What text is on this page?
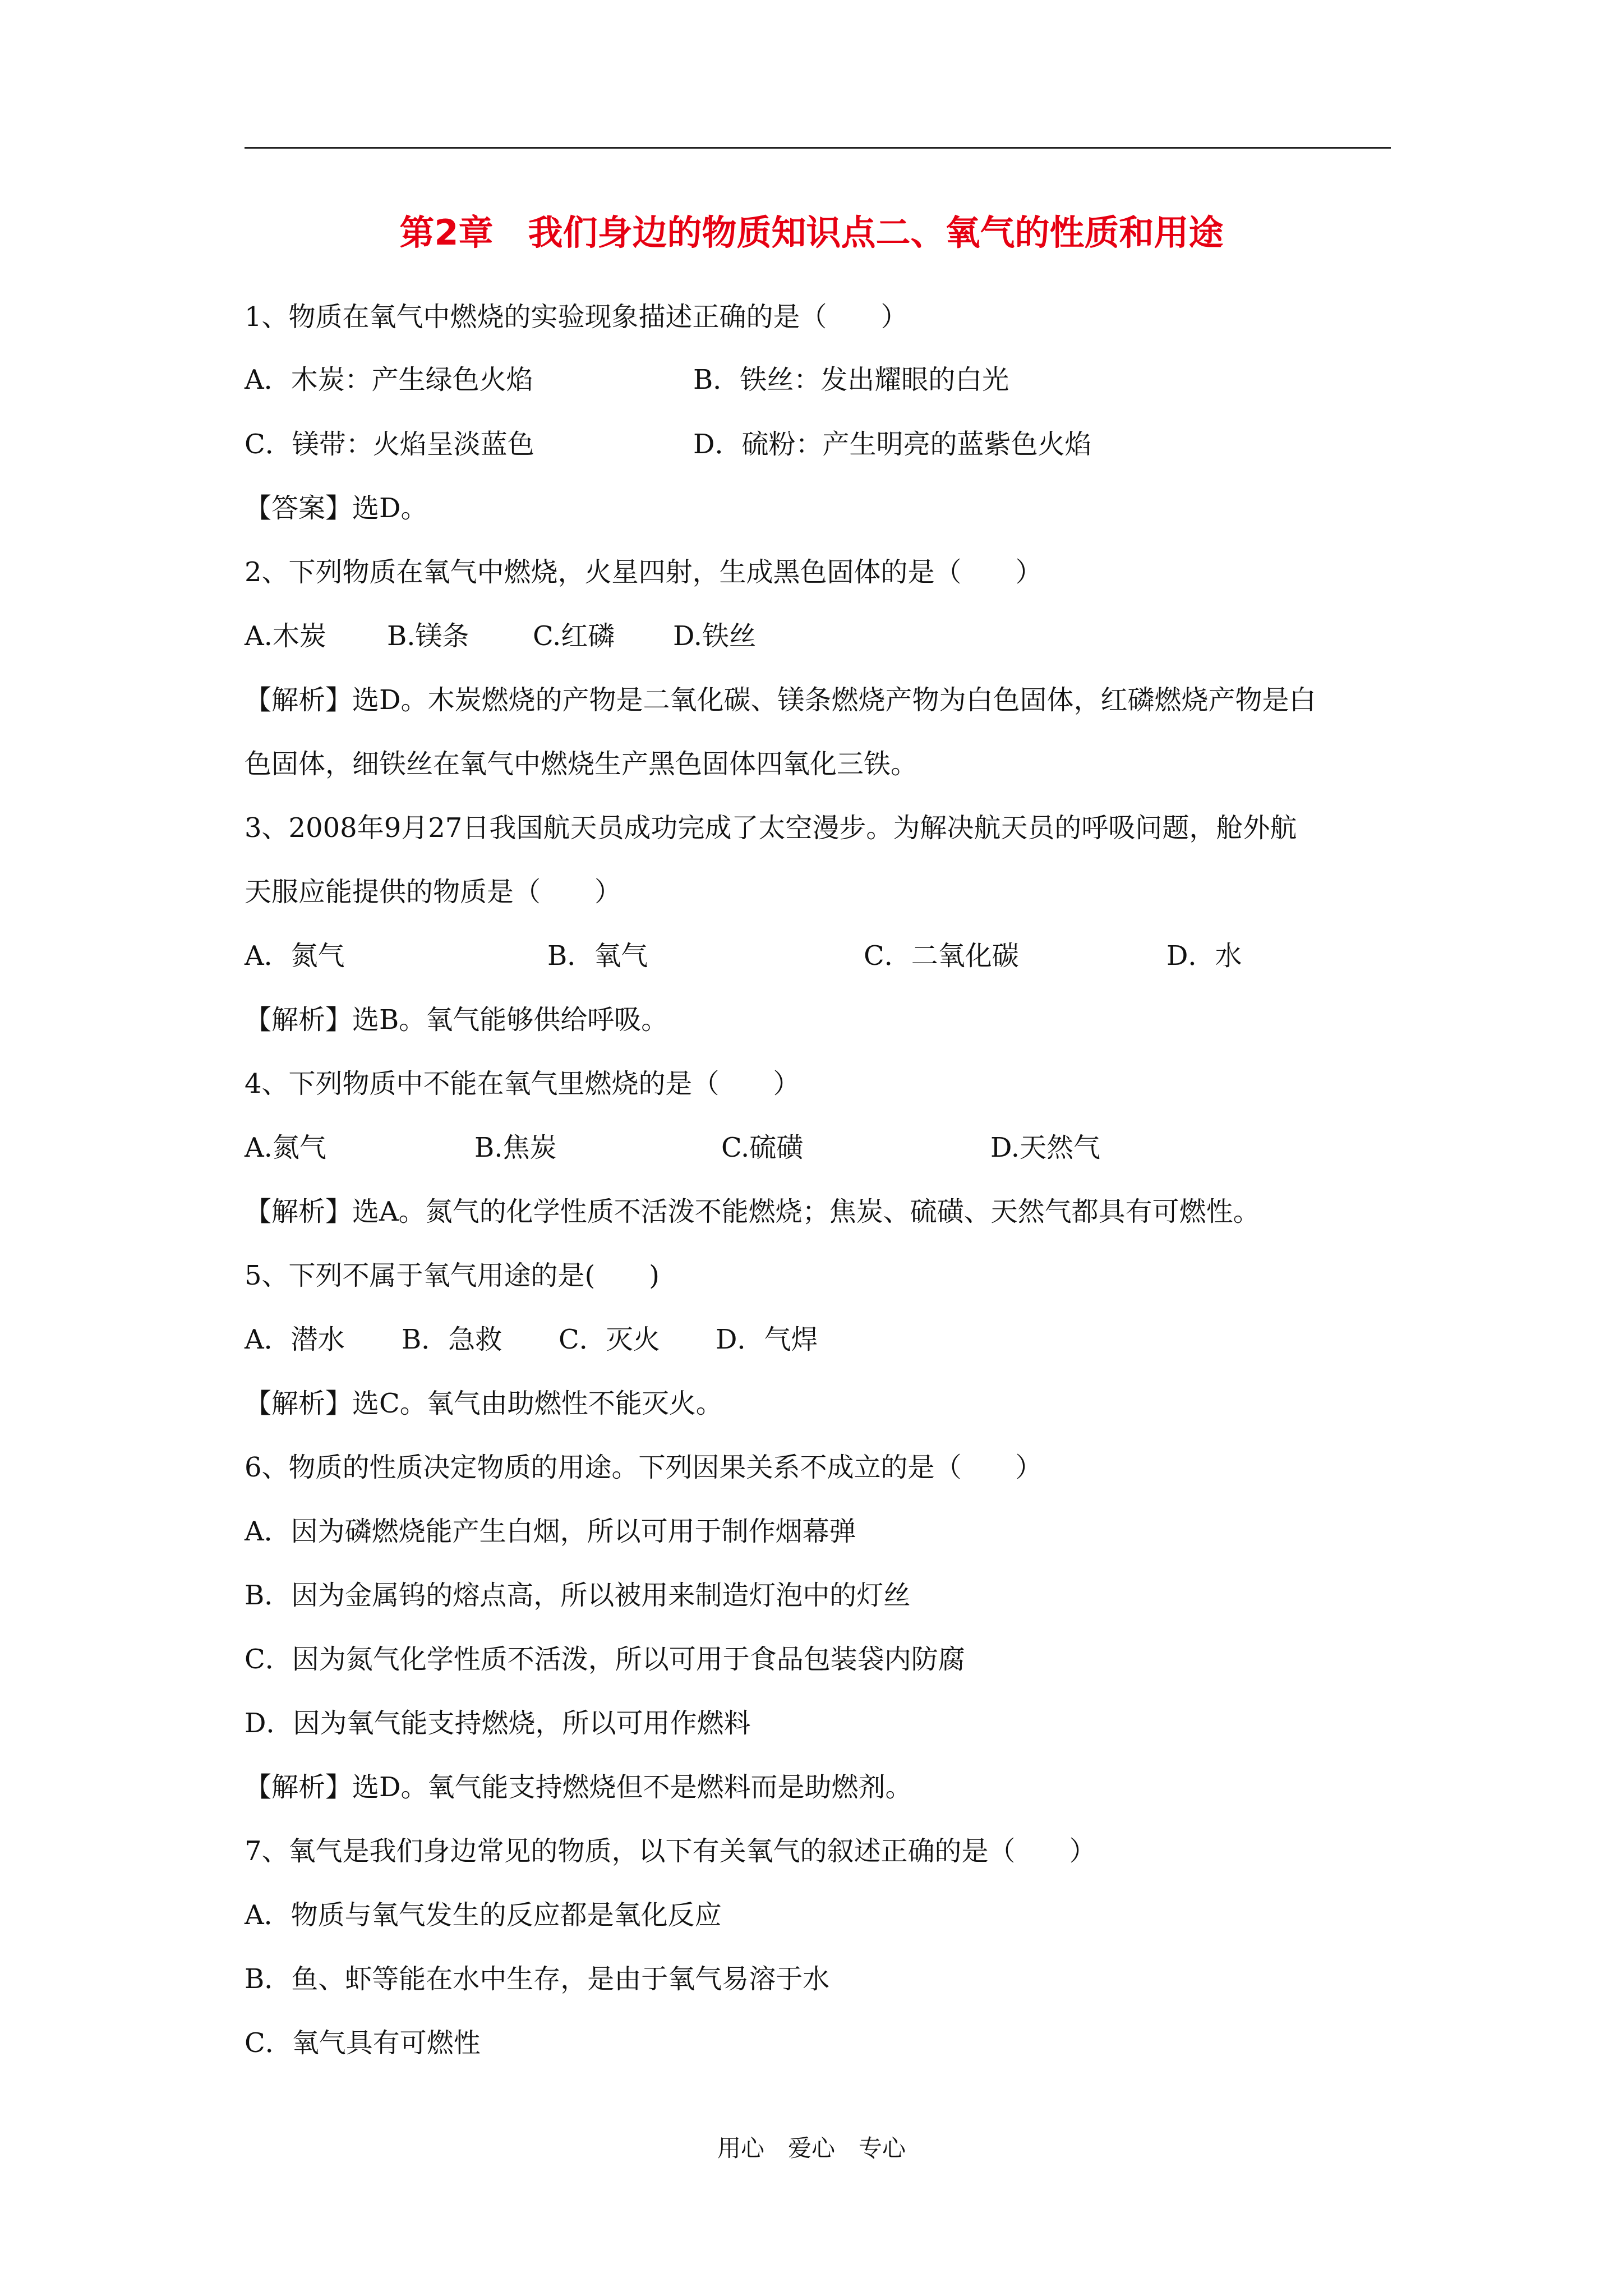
第2章　我们身边的物质知识点二、氧气的性质和用途
1、物质在氧气中燃烧的实验现象描述正确的是（　　）
A．木炭：产生绿色火焰	B．铁丝：发出耀眼的白光
C．镁带：火焰呈淡蓝色	D．硫粉：产生明亮的蓝紫色火焰
【答案】选D。
2、下列物质在氧气中燃烧，火星四射，生成黑色固体的是（　　）
A.木炭 B.镁条 C.红磷 D.铁丝
【解析】选D。木炭燃烧的产物是二氧化碳、镁条燃烧产物为白色固体，红磷燃烧产物是白
色固体，细铁丝在氧气中燃烧生产黑色固体四氧化三铁。
3、2008年9月27日我国航天员成功完成了太空漫步。为解决航天员的呼吸问题，舱外航
天服应能提供的物质是（　　）
A．氮气	B．氧气	C．二氧化碳	D．水
【解析】选B。氧气能够供给呼吸。
4、下列物质中不能在氧气里燃烧的是（　　）
A.氮气	B.焦炭	C.硫磺	D.天然气
【解析】选A。氮气的化学性质不活泼不能燃烧；焦炭、硫磺、天然气都具有可燃性。
5、下列不属于氧气用途的是(　　)
A．潜水 B．急救 C．灭火 D．气焊
【解析】选C。氧气由助燃性不能灭火。
6、物质的性质决定物质的用途。下列因果关系不成立的是（　　）
A．因为磷燃烧能产生白烟，所以可用于制作烟幕弹
B．因为金属钨的熔点高，所以被用来制造灯泡中的灯丝
C．因为氮气化学性质不活泼，所以可用于食品包装袋内防腐
D．因为氧气能支持燃烧，所以可用作燃料
【解析】选D。氧气能支持燃烧但不是燃料而是助燃剂。
7、氧气是我们身边常见的物质，以下有关氧气的叙述正确的是（　　）
A．物质与氧气发生的反应都是氧化反应
B．鱼、虾等能在水中生存，是由于氧气易溶于水
C．氧气具有可燃性
用心　爱心　专心
